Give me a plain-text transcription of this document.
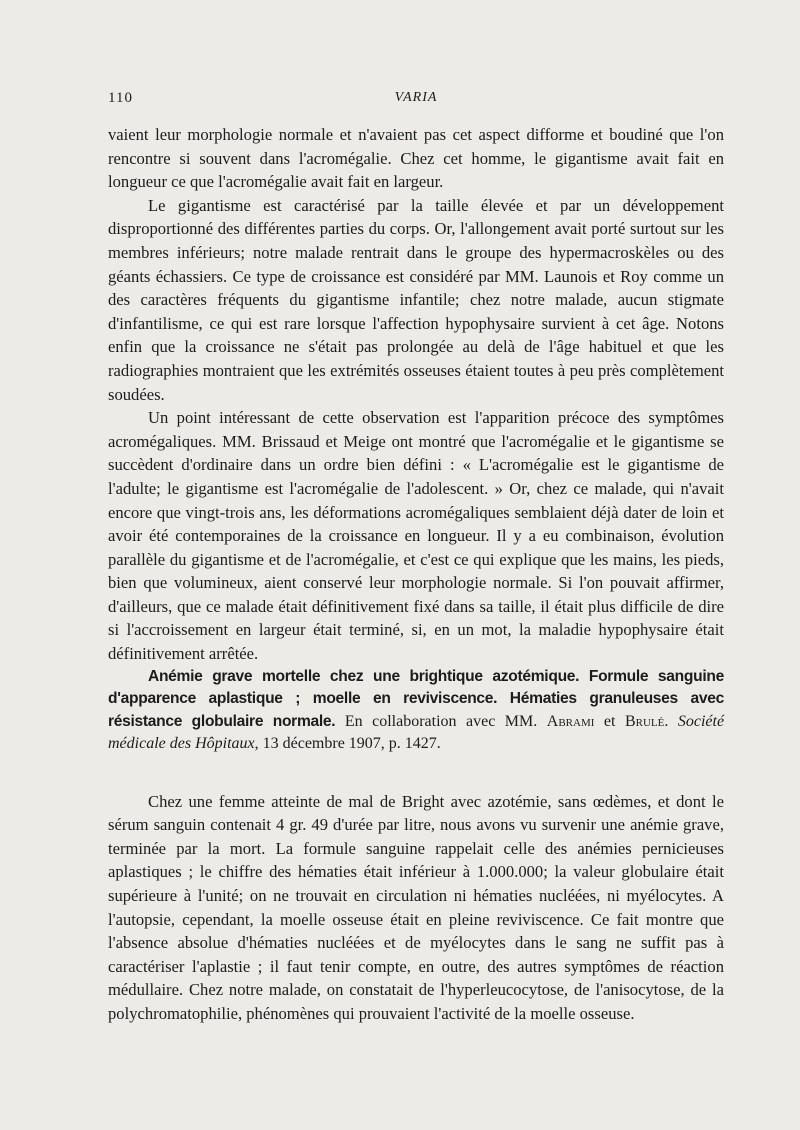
110	VARIA

vaient leur morphologie normale et n'avaient pas cet aspect difforme et boudiné que l'on rencontre si souvent dans l'acromégalie. Chez cet homme, le gigantisme avait fait en longueur ce que l'acromégalie avait fait en largeur.

Le gigantisme est caractérisé par la taille élevée et par un développement disproportionné des différentes parties du corps. Or, l'allongement avait porté surtout sur les membres inférieurs; notre malade rentrait dans le groupe des hypermacroskèles ou des géants échassiers. Ce type de croissance est considéré par MM. Launois et Roy comme un des caractères fréquents du gigantisme infantile; chez notre malade, aucun stigmate d'infantilisme, ce qui est rare lorsque l'affection hypophysaire survient à cet âge. Notons enfin que la croissance ne s'était pas prolongée au delà de l'âge habituel et que les radiographies montraient que les extrémités osseuses étaient toutes à peu près complètement soudées.

Un point intéressant de cette observation est l'apparition précoce des symptômes acromégaliques. MM. Brissaud et Meige ont montré que l'acromégalie et le gigantisme se succèdent d'ordinaire dans un ordre bien défini : « L'acromégalie est le gigantisme de l'adulte; le gigantisme est l'acromégalie de l'adolescent. » Or, chez ce malade, qui n'avait encore que vingt-trois ans, les déformations acromégaliques semblaient déjà dater de loin et avoir été contemporaines de la croissance en longueur. Il y a eu combinaison, évolution parallèle du gigantisme et de l'acromégalie, et c'est ce qui explique que les mains, les pieds, bien que volumineux, aient conservé leur morphologie normale. Si l'on pouvait affirmer, d'ailleurs, que ce malade était définitivement fixé dans sa taille, il était plus difficile de dire si l'accroissement en largeur était terminé, si, en un mot, la maladie hypophysaire était définitivement arrêtée.

Anémie grave mortelle chez une brightique azotémique. Formule sanguine d'apparence aplastique ; moelle en reviviscence. Hématies granuleuses avec résistance globulaire normale. En collaboration avec MM. Abrami et Brulé. Société médicale des Hôpitaux, 13 décembre 1907, p. 1427.

Chez une femme atteinte de mal de Bright avec azotémie, sans œdèmes, et dont le sérum sanguin contenait 4 gr. 49 d'urée par litre, nous avons vu survenir une anémie grave, terminée par la mort. La formule sanguine rappelait celle des anémies pernicieuses aplastiques ; le chiffre des hématies était inférieur à 1.000.000; la valeur globulaire était supérieure à l'unité; on ne trouvait en circulation ni hématies nucléées, ni myélocytes. A l'autopsie, cependant, la moelle osseuse était en pleine reviviscence. Ce fait montre que l'absence absolue d'hématies nucléées et de myélocytes dans le sang ne suffit pas à caractériser l'aplastie ; il faut tenir compte, en outre, des autres symptômes de réaction médullaire. Chez notre malade, on constatait de l'hyperleucocytose, de l'anisocytose, de la polychromatophilie, phénomènes qui prouvaient l'activité de la moelle osseuse.
